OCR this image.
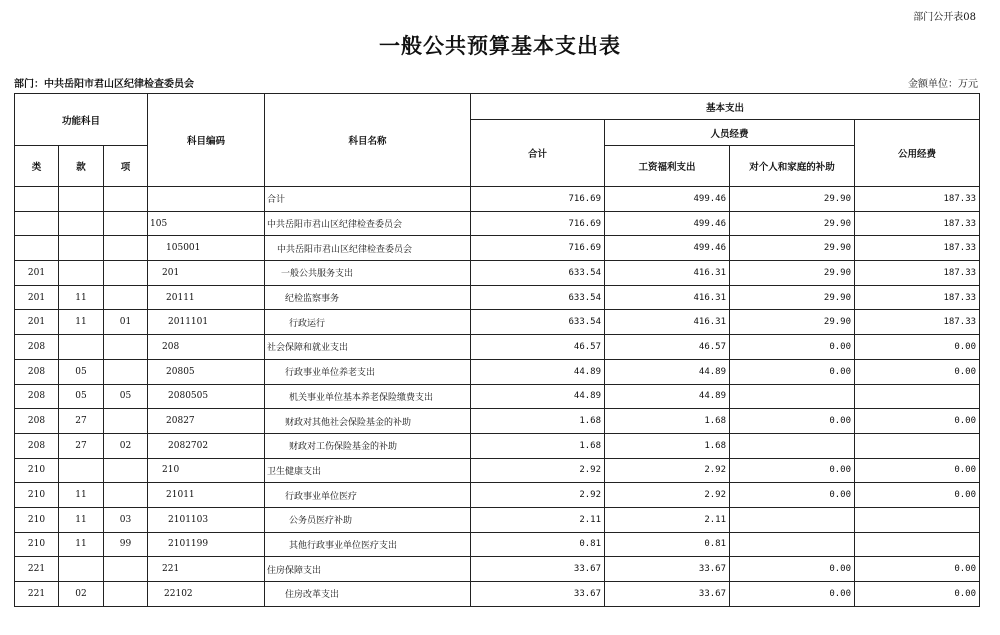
部门公开表08
一般公共预算基本支出表
部门：中共岳阳市君山区纪律检查委员会	金额单位：万元
功能科目			科目编码	科目名称	基本支出			
					合计	人员经费		公用经费
类	款	项				工资福利支出	对个人和家庭的补助	
				合计	716.69	499.46	29.90	187.33
			105	中共岳阳市君山区纪律检查委员会	716.69	499.46	29.90	187.33
			105001	中共岳阳市君山区纪律检查委员会	716.69	499.46	29.90	187.33
201			201	一般公共服务支出	633.54	416.31	29.90	187.33
201	11		20111	纪检监察事务	633.54	416.31	29.90	187.33
201	11	01	2011101	行政运行	633.54	416.31	29.90	187.33
208			208	社会保障和就业支出	46.57	46.57	0.00	0.00
208	05		20805	行政事业单位养老支出	44.89	44.89	0.00	0.00
208	05	05	2080505	机关事业单位基本养老保险缴费支出	44.89	44.89		
208	27		20827	财政对其他社会保险基金的补助	1.68	1.68	0.00	0.00
208	27	02	2082702	财政对工伤保险基金的补助	1.68	1.68		
210			210	卫生健康支出	2.92	2.92	0.00	0.00
210	11		21011	行政事业单位医疗	2.92	2.92	0.00	0.00
210	11	03	2101103	公务员医疗补助	2.11	2.11		
210	11	99	2101199	其他行政事业单位医疗支出	0.81	0.81		
221			221	住房保障支出	33.67	33.67	0.00	0.00
221	02		22102	住房改革支出	33.67	33.67	0.00	0.00
